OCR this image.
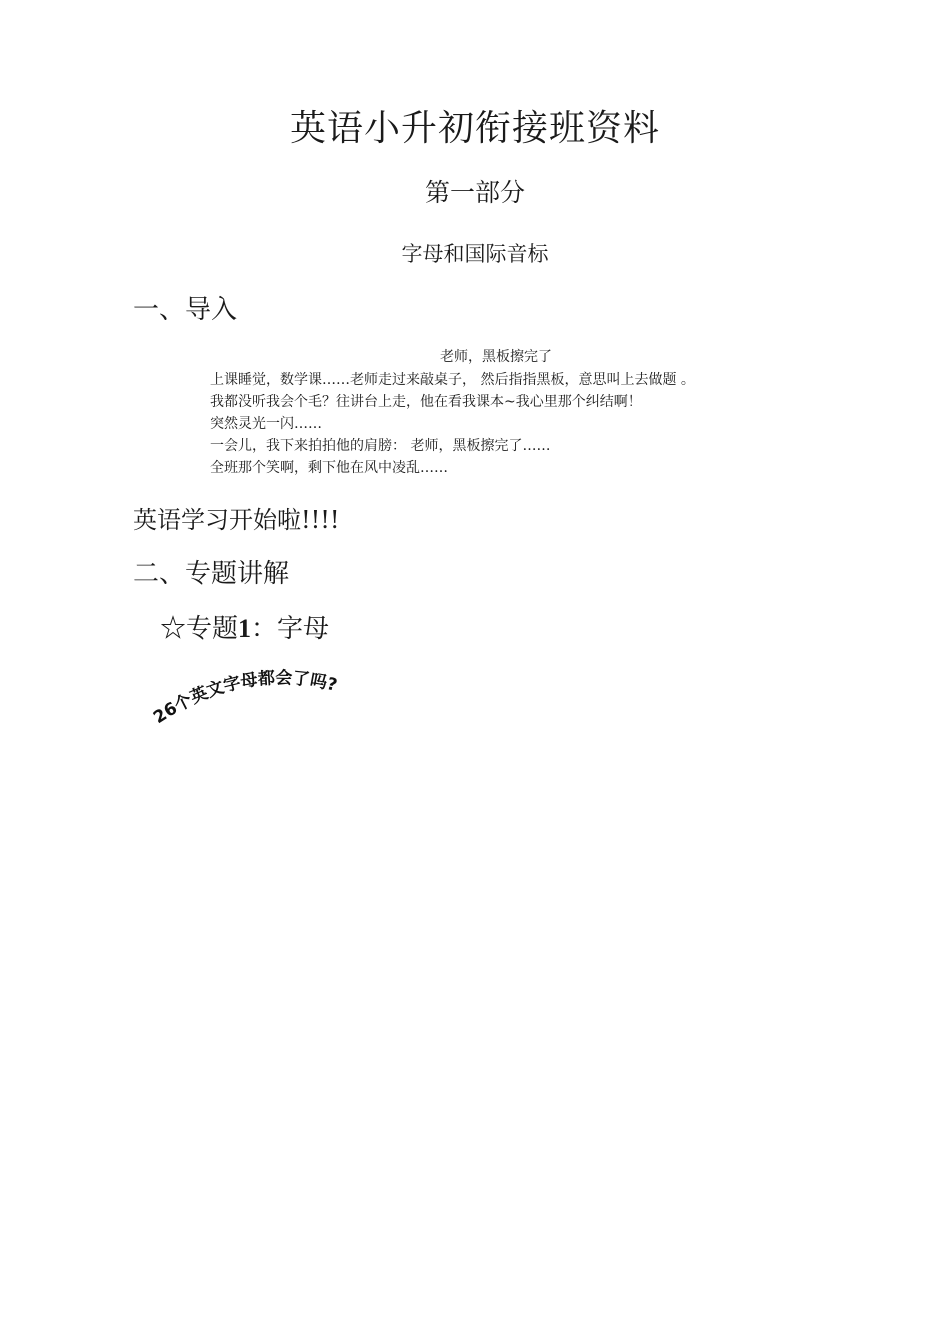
英语小升初衔接班资料
第一部分
字母和国际音标
一、导入
老师，黑板擦完了
上课睡觉，数学课……老师走过来敲桌子， 然后指指黑板，意思叫上去做题 。
我都没听我会个毛？往讲台上走，他在看我课本~我心里那个纠结啊！
突然灵光一闪……
一会儿，我下来拍拍他的肩膀： 老师，黑板擦完了……
全班那个笑啊，剩下他在风中凌乱……
英语学习开始啦!!!!
二、专题讲解
☆专题1：字母
26个英文字母都会了吗?
